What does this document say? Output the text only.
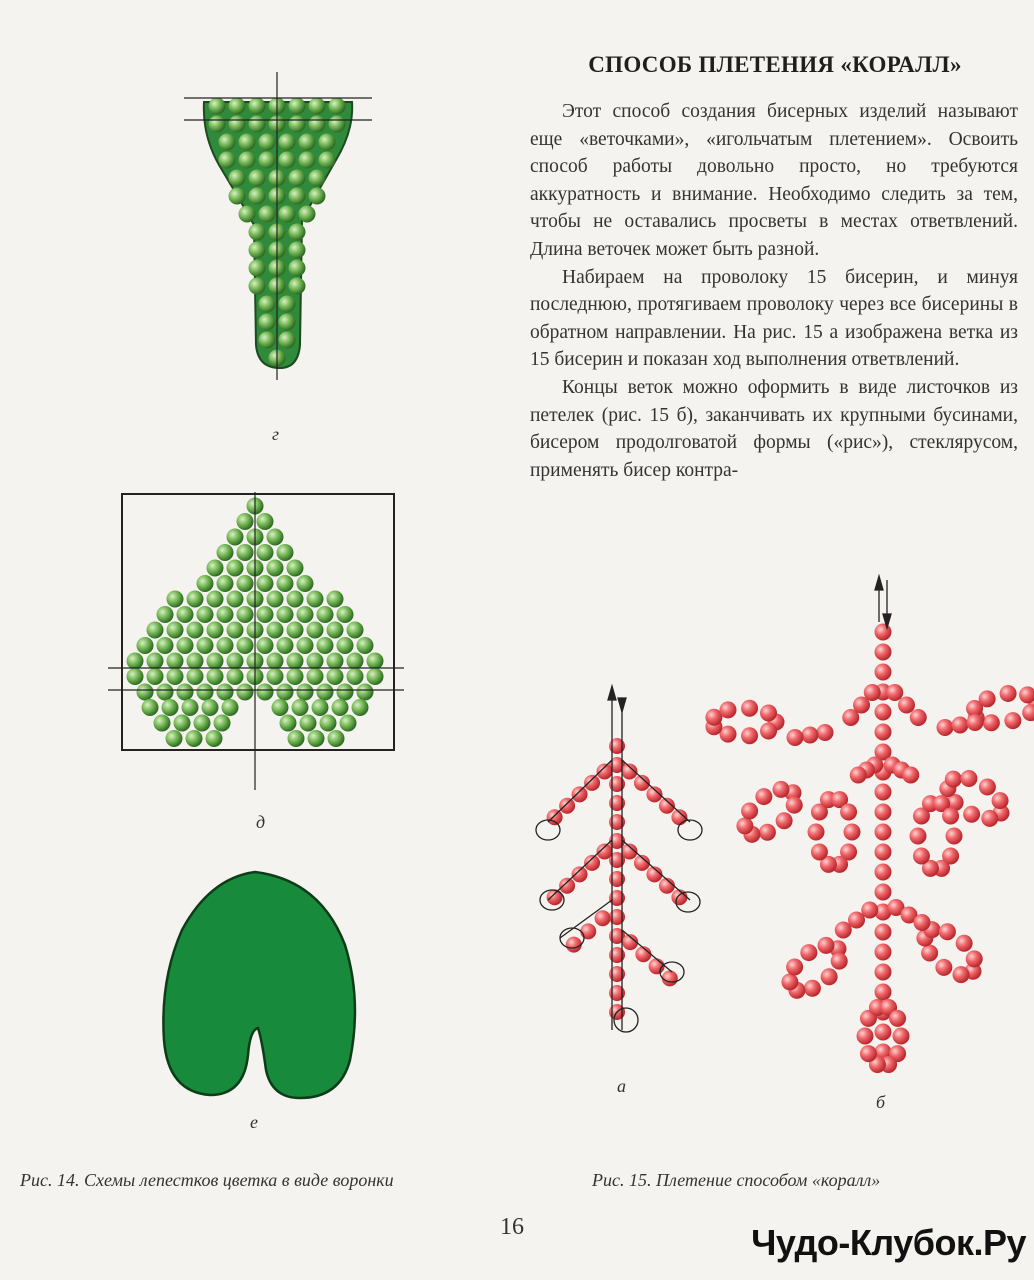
СПОСОБ ПЛЕТЕНИЯ «КОРАЛЛ»

Этот способ создания бисерных изделий называют еще «веточками», «игольчатым плетением». Освоить способ работы довольно просто, но требуются аккуратность и внимание. Необходимо следить за тем, чтобы не оставались просветы в местах ответвлений. Длина веточек может быть разной.

Набираем на проволоку 15 бисерин, и минуя последнюю, протягиваем проволоку через все бисерины в обратном направлении. На рис. 15 а изображена ветка из 15 бисерин и показан ход выполнения ответвлений.

Концы веток можно оформить в виде листочков из петелек (рис. 15 б), заканчивать их крупными бусинами, бисером продолговатой формы («рис»), стеклярусом, применять бисер контра-

г
д
е
а
б
Рис. 14. Схемы лепестков цветка в виде воронки	Рис. 15. Плетение способом «коралл»
16	Чудо-Клубок.Ру
